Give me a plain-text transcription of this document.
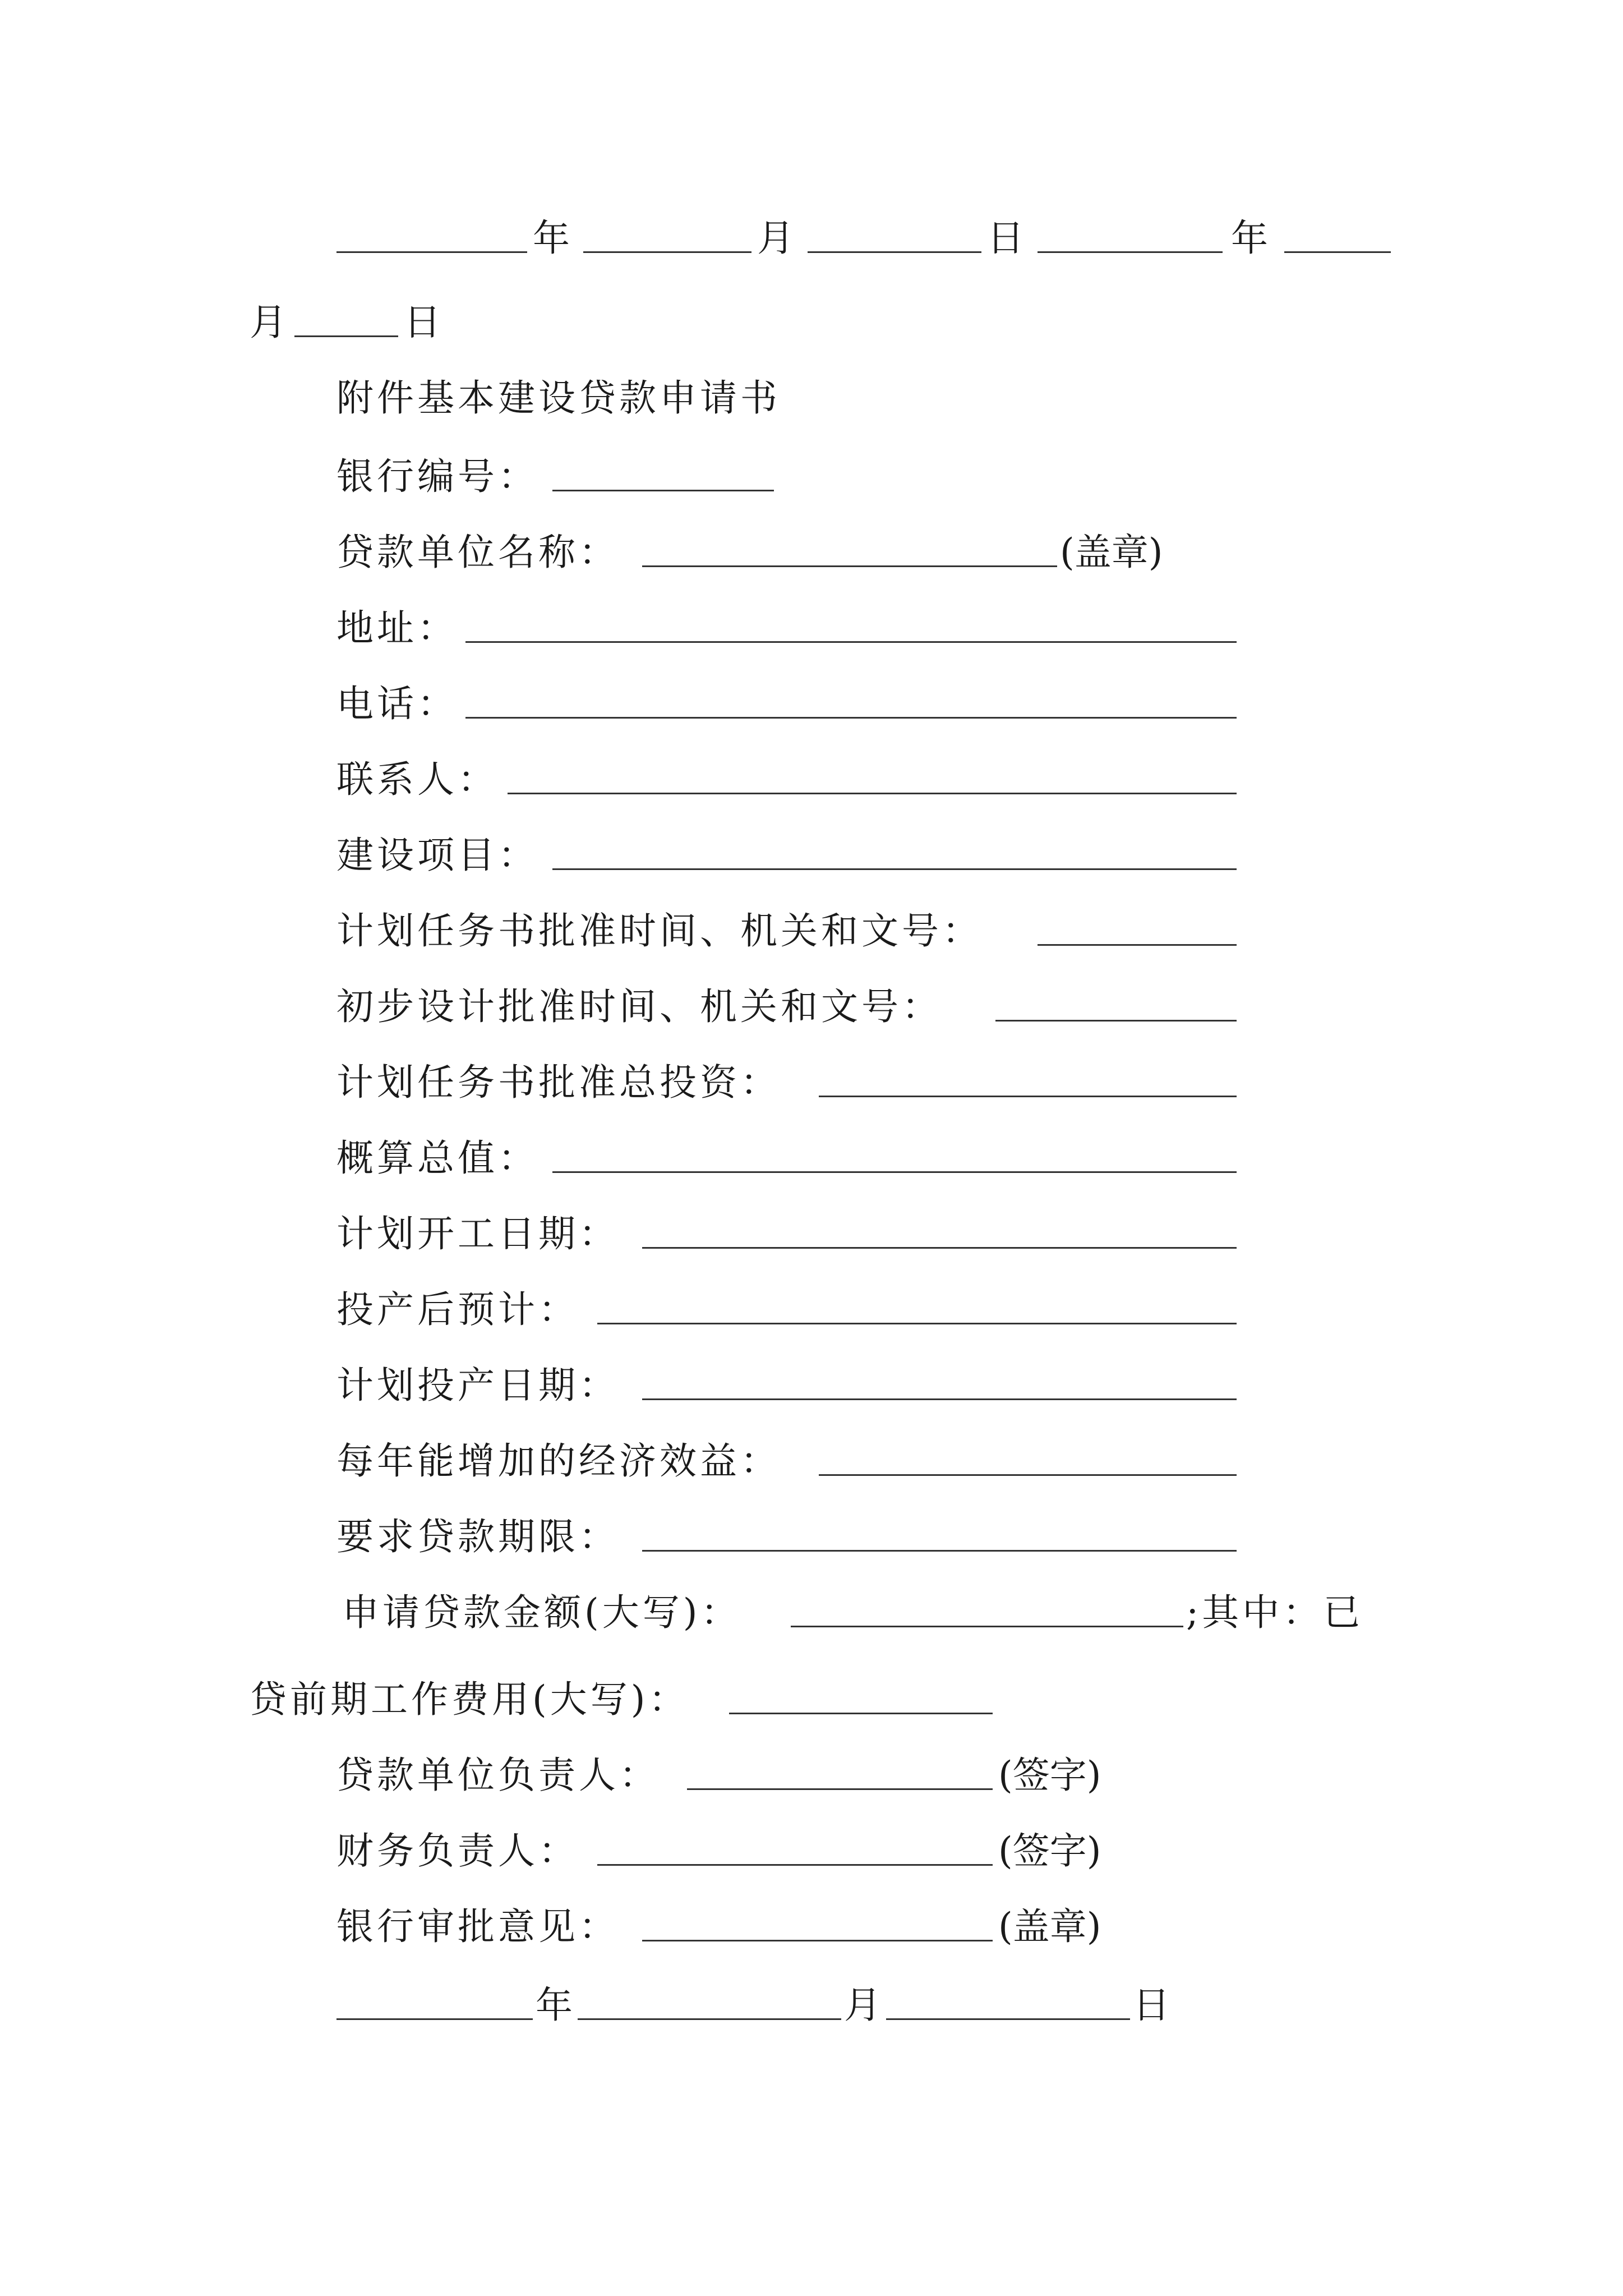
年	月	日	年
月	日
附件基本建设贷款申请书
银行编号：
贷款单位名称：	(盖章)
地址：
电话：
联系人：
建设项目：
计划任务书批准时间、机关和文号：
初步设计批准时间、机关和文号：
计划任务书批准总投资：
概算总值：
计划开工日期：
投产后预计：
计划投产日期：
每年能增加的经济效益：
要求贷款期限：
申请贷款金额(大写)：	;其中：已
贷前期工作费用(大写)：
贷款单位负责人：	(签字)
财务负责人：	(签字)
银行审批意见：	(盖章)
年	月	日
